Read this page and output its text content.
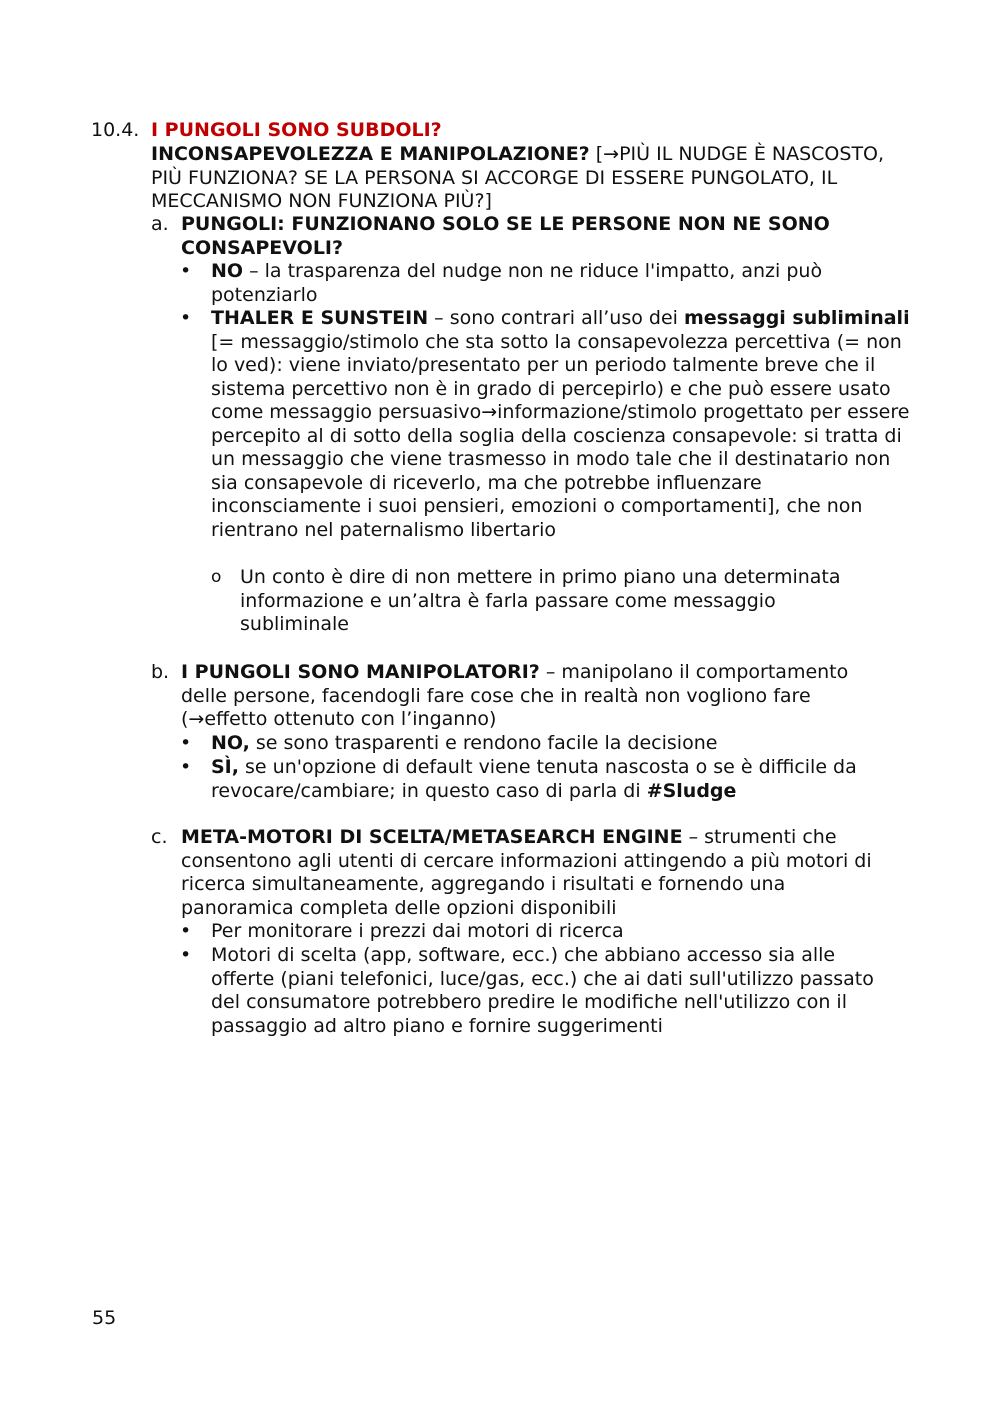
10.4. I PUNGOLI SONO SUBDOLI?
INCONSAPEVOLEZZA E MANIPOLAZIONE? [→PIÙ IL NUDGE È NASCOSTO, PIÙ FUNZIONA? SE LA PERSONA SI ACCORGE DI ESSERE PUNGOLATO, IL MECCANISMO NON FUNZIONA PIÙ?]
a. PUNGOLI: FUNZIONANO SOLO SE LE PERSONE NON NE SONO CONSAPEVOLI?
• NO – la trasparenza del nudge non ne riduce l'impatto, anzi può potenziarlo
• THALER E SUNSTEIN – sono contrari all’uso dei messaggi subliminali [= messaggio/stimolo che sta sotto la consapevolezza percettiva (= non lo ved): viene inviato/presentato per un periodo talmente breve che il sistema percettivo non è in grado di percepirlo) e che può essere usato come messaggio persuasivo→informazione/stimolo progettato per essere percepito al di sotto della soglia della coscienza consapevole: si tratta di un messaggio che viene trasmesso in modo tale che il destinatario non sia consapevole di riceverlo, ma che potrebbe influenzare inconsciamente i suoi pensieri, emozioni o comportamenti], che non rientrano nel paternalismo libertario
o Un conto è dire di non mettere in primo piano una determinata informazione e un’altra è farla passare come messaggio subliminale
b. I PUNGOLI SONO MANIPOLATORI? – manipolano il comportamento delle persone, facendogli fare cose che in realtà non vogliono fare (→effetto ottenuto con l’inganno)
• NO, se sono trasparenti e rendono facile la decisione
• SÌ, se un'opzione di default viene tenuta nascosta o se è difficile da revocare/cambiare; in questo caso di parla di #Sludge
c. META-MOTORI DI SCELTA/METASEARCH ENGINE – strumenti che consentono agli utenti di cercare informazioni attingendo a più motori di ricerca simultaneamente, aggregando i risultati e fornendo una panoramica completa delle opzioni disponibili
• Per monitorare i prezzi dai motori di ricerca
• Motori di scelta (app, software, ecc.) che abbiano accesso sia alle offerte (piani telefonici, luce/gas, ecc.) che ai dati sull'utilizzo passato del consumatore potrebbero predire le modifiche nell'utilizzo con il passaggio ad altro piano e fornire suggerimenti
55
